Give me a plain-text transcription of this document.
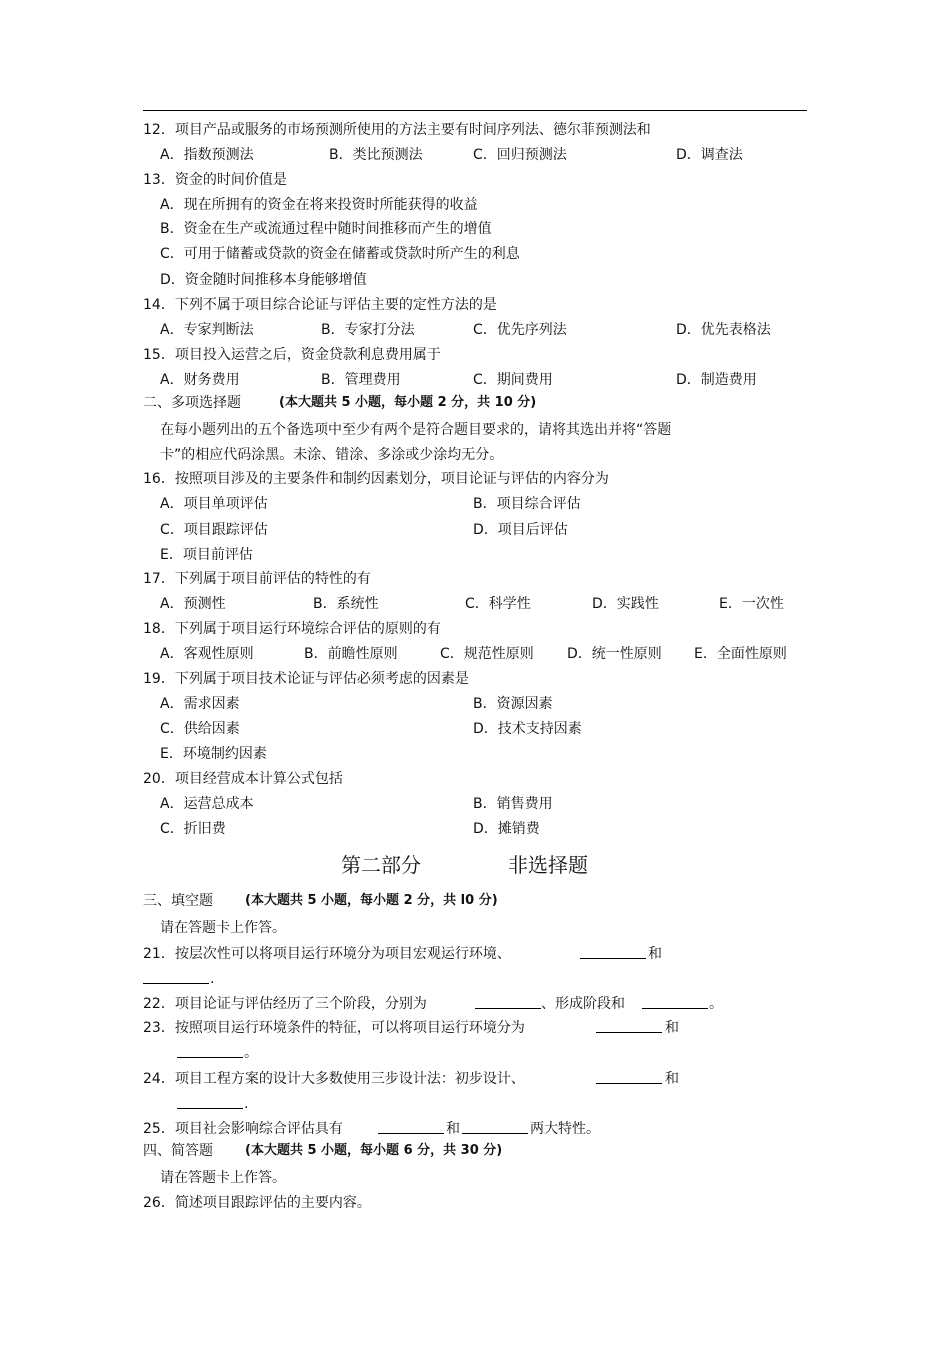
12．项目产品或服务的市场预测所使用的方法主要有时间序列法、德尔菲预测法和
A．指数预测法	B．类比预测法	C．回归预测法	D．调查法
13．资金的时间价值是
A．现在所拥有的资金在将来投资时所能获得的收益
B．资金在生产或流通过程中随时间推移而产生的增值
C．可用于储蓄或贷款的资金在储蓄或贷款时所产生的利息
D．资金随时间推移本身能够增值
14．下列不属于项目综合论证与评估主要的定性方法的是
A．专家判断法	B．专家打分法	C．优先序列法	D．优先表格法
15．项目投入运营之后，资金贷款利息费用属于
A．财务费用	B．管理费用	C．期间费用	D．制造费用
二、多项选择题	(本大题共 5 小题，每小题 2 分，共 10 分)
在每小题列出的五个备选项中至少有两个是符合题目要求的，请将其选出并将“答题
卡”的相应代码涂黑。未涂、错涂、多涂或少涂均无分。
16．按照项目涉及的主要条件和制约因素划分，项目论证与评估的内容分为
A．项目单项评估	B．项目综合评估
C．项目跟踪评估	D．项目后评估
E．项目前评估
17．下列属于项目前评估的特性的有
A．预测性	B．系统性	C．科学性	D．实践性	E．一次性
18．下列属于项目运行环境综合评估的原则的有
A．客观性原则	B．前瞻性原则	C．规范性原则 D．统一性原则 E．全面性原则
19．下列属于项目技术论证与评估必须考虑的因素是
A．需求因素	B．资源因素
C．供给因素	D．技术支持因素
E．环境制约因素
20．项目经营成本计算公式包括
A．运营总成本	B．销售费用
C．折旧费	D．摊销费
第二部分	非选择题
三、填空题 (本大题共 5 小题，每小题 2 分，共 l0 分)
请在答题卡上作答。
21．按层次性可以将项目运行环境分为项目宏观运行环境、	和
.
22．项目论证与评估经历了三个阶段，分别为	、形成阶段和	。
23．按照项目运行环境条件的特征，可以将项目运行环境分为	和
。
24．项目工程方案的设计大多数使用三步设计法：初步设计、	和
.
25．项目社会影响综合评估具有	和	两大特性。
四、简答题 (本大题共 5 小题，每小题 6 分，共 30 分)
请在答题卡上作答。
26．简述项目跟踪评估的主要内容。
